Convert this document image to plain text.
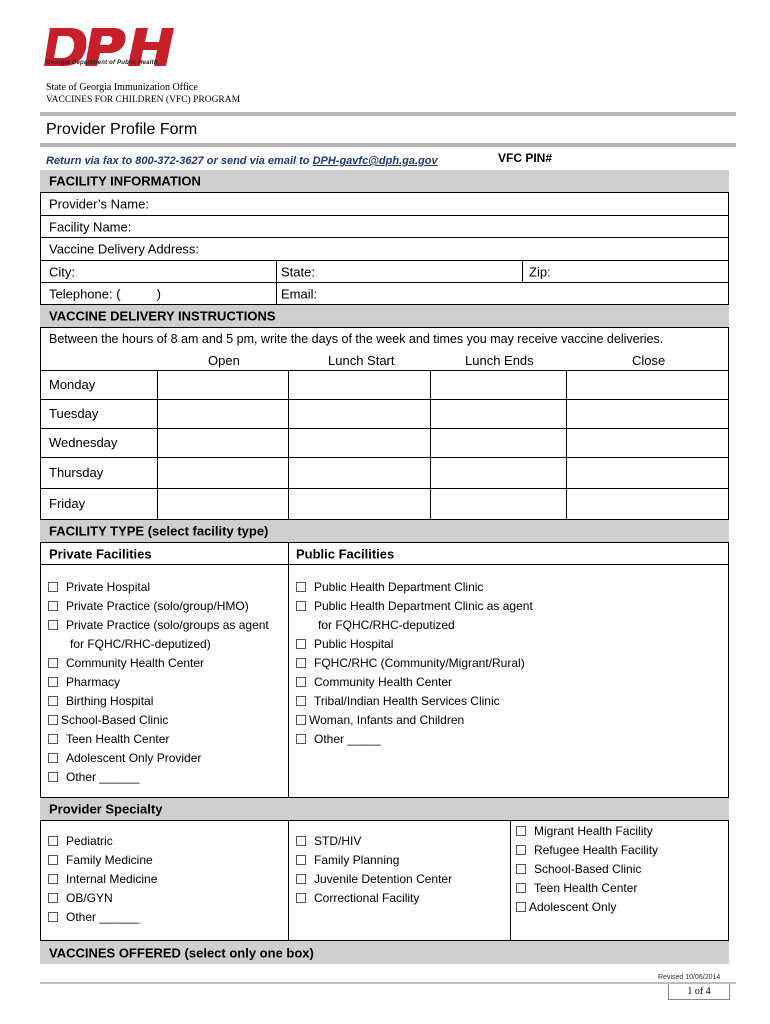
Georgia Department of Public Health
State of Georgia Immunization Office
VACCINES FOR CHILDREN (VFC) PROGRAM
Provider Profile Form
Return via fax to 800-372-3627 or send via email to DPH-gavfc@dph.ga.gov	VFC PIN#
FACILITY INFORMATION
Provider’s Name:
Facility Name:
Vaccine Delivery Address:
City:	State:	Zip:
Telephone: (          )	Email:
VACCINE DELIVERY INSTRUCTIONS
Between the hours of 8 am and 5 pm, write the days of the week and times you may receive vaccine deliveries.
Open	Lunch Start	Lunch Ends	Close
Monday
Tuesday
Wednesday
Thursday
Friday
FACILITY TYPE (select facility type)
Private Facilities	Public Facilities
Private Hospital
Private Practice (solo/group/HMO)
Private Practice (solo/groups as agent
for FQHC/RHC-deputized)
Community Health Center
Pharmacy
Birthing Hospital
School-Based Clinic
Teen Health Center
Adolescent Only Provider
Other ______
Public Health Department Clinic
Public Health Department Clinic as agent
for FQHC/RHC-deputized
Public Hospital
FQHC/RHC (Community/Migrant/Rural)
Community Health Center
Tribal/Indian Health Services Clinic
Woman, Infants and Children
Other _____
Provider Specialty
Pediatric
Family Medicine
Internal Medicine
OB/GYN
Other ______
STD/HIV
Family Planning
Juvenile Detention Center
Correctional Facility
Migrant Health Facility
Refugee Health Facility
School-Based Clinic
Teen Health Center
Adolescent Only
VACCINES OFFERED (select only one box)
Revised 10/06/2014
1 of 4
